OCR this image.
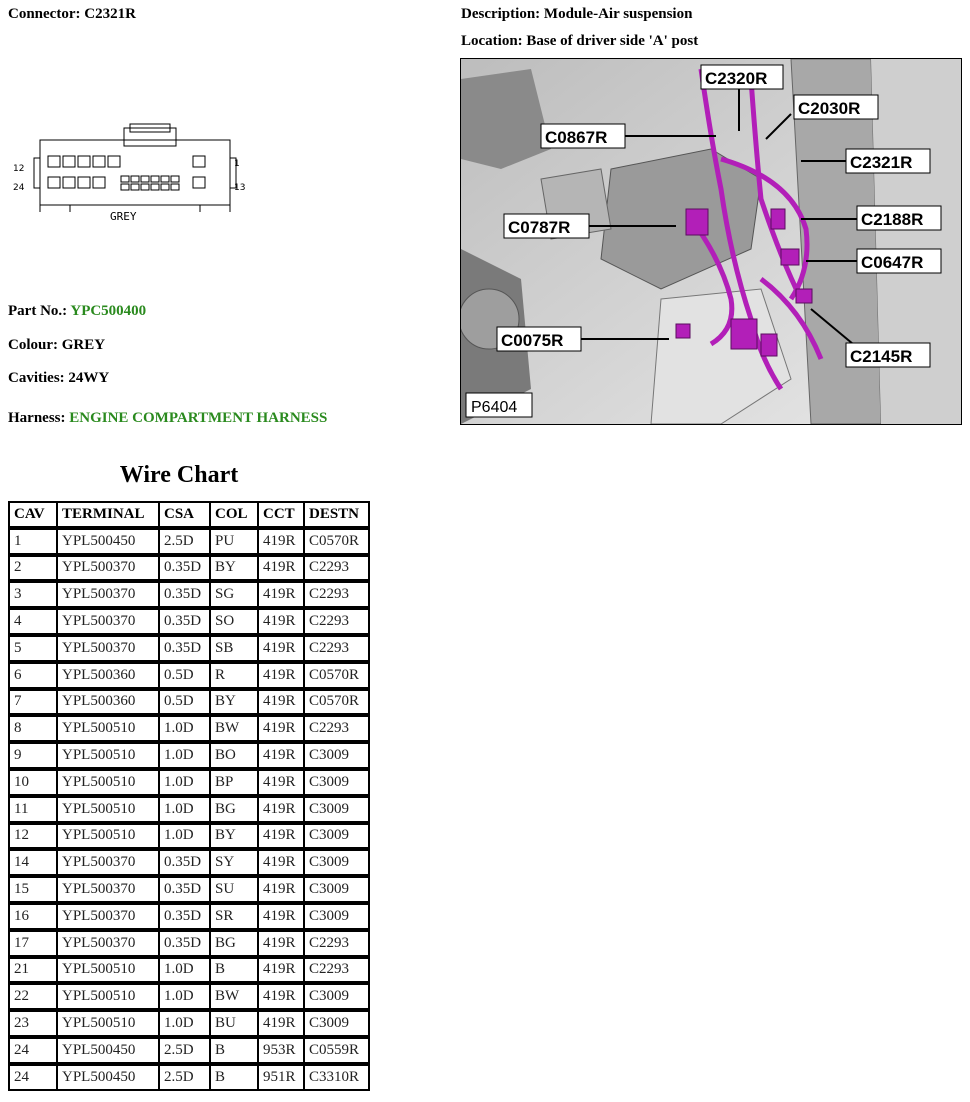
Connector: C2321R	Description: Module-Air suspension
Location: Base of driver side 'A' post
12	1
24	13
GREY
Part No.: YPC500400
Colour: GREY
Cavities: 24WY
Harness: ENGINE COMPARTMENT HARNESS
C2320R
C2030R
C0867R
C2321R
C0787R	C2188R
C0647R
C0075R
C2145R
P6404
Wire Chart
CAV	TERMINAL	CSA	COL	CCT	DESTN
1	YPL500450	2.5D	PU	419R	C0570R
2	YPL500370	0.35D	BY	419R	C2293
3	YPL500370	0.35D	SG	419R	C2293
4	YPL500370	0.35D	SO	419R	C2293
5	YPL500370	0.35D	SB	419R	C2293
6	YPL500360	0.5D	R	419R	C0570R
7	YPL500360	0.5D	BY	419R	C0570R
8	YPL500510	1.0D	BW	419R	C2293
9	YPL500510	1.0D	BO	419R	C3009
10	YPL500510	1.0D	BP	419R	C3009
11	YPL500510	1.0D	BG	419R	C3009
12	YPL500510	1.0D	BY	419R	C3009
14	YPL500370	0.35D	SY	419R	C3009
15	YPL500370	0.35D	SU	419R	C3009
16	YPL500370	0.35D	SR	419R	C3009
17	YPL500370	0.35D	BG	419R	C2293
21	YPL500510	1.0D	B	419R	C2293
22	YPL500510	1.0D	BW	419R	C3009
23	YPL500510	1.0D	BU	419R	C3009
24	YPL500450	2.5D	B	953R	C0559R
24	YPL500450	2.5D	B	951R	C3310R
